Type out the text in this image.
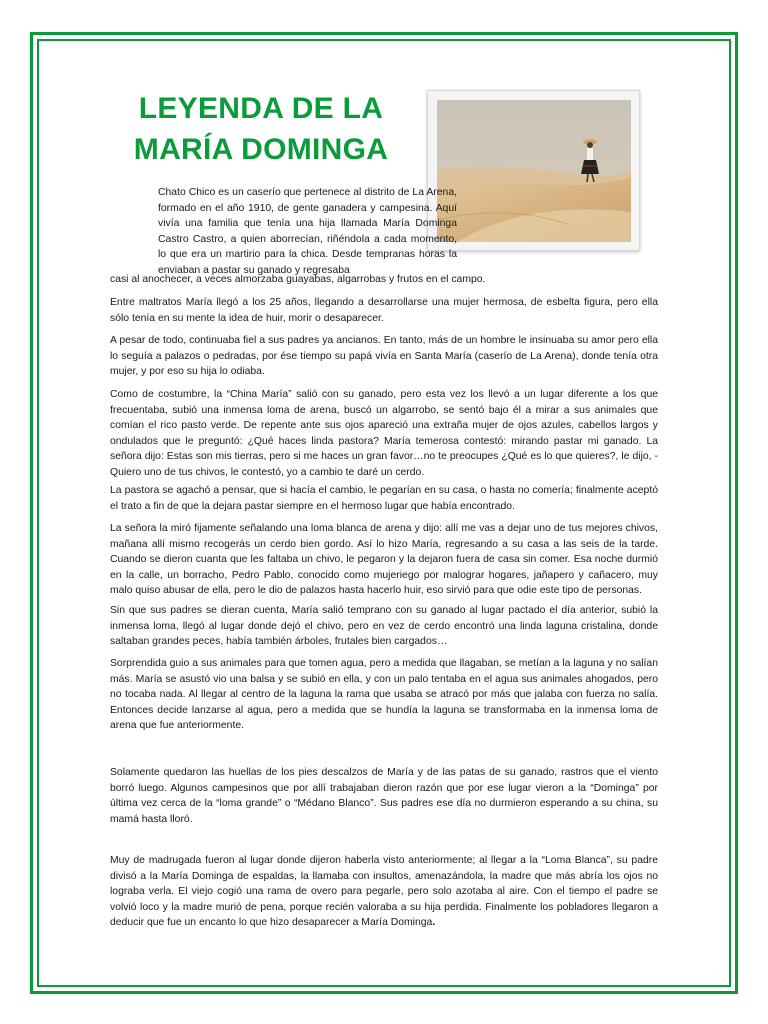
LEYENDA DE LA
MARÍA DOMINGA
Chato Chico es un caserío que pertenece al distrito de La Arena, formado en el año 1910, de gente ganadera y campesina. Aquí vivía una familia que tenía una hija llamada María Dominga Castro Castro, a quien aborrecían, riñéndola a cada momento, lo que era un martirio para la chica. Desde tempranas horas la enviaban a pastar su ganado y regresaba
casi al anochecer, a veces almorzaba guayabas, algarrobas y frutos en el campo.
Entre maltratos María llegó a los 25 años, llegando a desarrollarse una mujer hermosa, de esbelta figura, pero ella sólo tenía en su mente la idea de huir, morir o desaparecer.
A pesar de todo, continuaba fiel a sus padres ya ancianos. En tanto, más de un hombre le insinuaba su amor pero ella lo seguía a palazos o pedradas, por ése tiempo su papá vivía en Santa María (caserío de La Arena), donde tenía otra mujer, y por eso su hija lo odiaba.
Como de costumbre, la “China María” salió con su ganado, pero esta vez los llevó a un lugar diferente a los que frecuentaba, subió una inmensa loma de arena, buscó un algarrobo, se sentó bajo él a mirar a sus animales que comían el rico pasto verde. De repente ante sus ojos apareció una extraña mujer de ojos azules, cabellos largos y ondulados que le preguntó: ¿Qué haces linda pastora? María temerosa contestó: mirando pastar mi ganado. La señora dijo: Estas son mis tierras, pero si me haces un gran favor…no te preocupes ¿Qué es lo que quieres?, le dijo, -Quiero uno de tus chivos, le contestó, yo a cambio te daré un cerdo.
La pastora se agachó a pensar, que si hacía el cambio, le pegarían en su casa, o hasta no comería; finalmente aceptó el trato a fin de que la dejara pastar siempre en el hermoso lugar que había encontrado.
La señora la miró fijamente señalando una loma blanca de arena y dijo: allí me vas a dejar uno de tus mejores chivos, mañana allí mismo recogerás un cerdo bien gordo. Así lo hizo María, regresando a su casa a las seis de la tarde. Cuando se dieron cuanta que les faltaba un chivo, le pegaron y la dejaron fuera de casa sin comer. Esa noche durmió en la calle, un borracho, Pedro Pablo, conocido como mujeriego por malograr hogares, jañapero y cañacero, muy malo quiso abusar de ella, pero le dio de palazos hasta hacerlo huir, eso sirvió para que odie este tipo de personas.
Sin que sus padres se dieran cuenta, María salió temprano con su ganado al lugar pactado el día anterior, subió la inmensa loma, llegó al lugar donde dejó el chivo, pero en vez de cerdo encontró una linda laguna cristalina, donde saltaban grandes peces, había también árboles, frutales bien cargados…
Sorprendida guio a sus animales para que tomen agua, pero a medida que llagaban, se metían a la laguna y no salían más. María se asustó vio una balsa y se subió en ella, y con un palo tentaba en el agua sus animales ahogados, pero no tocaba nada. Al llegar al centro de la laguna la rama que usaba se atracó por más que jalaba con fuerza no salía. Entonces decide lanzarse al agua, pero a medida que se hundía la laguna se transformaba en la inmensa loma de arena que fue anteriormente.
Solamente quedaron las huellas de los pies descalzos de María y de las patas de su ganado, rastros que el viento borró luego. Algunos campesinos que por allí trabajaban dieron razón que por ese lugar vieron a la “Dominga” por última vez cerca de la “loma grande” o “Médano Blanco”. Sus padres ese día no durmieron esperando a su china, su mamá hasta lloró.
Muy de madrugada fueron al lugar donde dijeron haberla visto anteriormente; al llegar a la “Loma Blanca”, su padre divisó a la María Dominga de espaldas, la llamaba con insultos, amenazándola, la madre que más abría los ojos no lograba verla. El viejo cogió una rama de overo para pegarle, pero solo azotaba al aire. Con el tiempo el padre se volvió loco y la madre murió de pena, porque recién valoraba a su hija perdida. Finalmente los pobladores llegaron a deducir que fue un encanto lo que hizo desaparecer a María Dominga.
